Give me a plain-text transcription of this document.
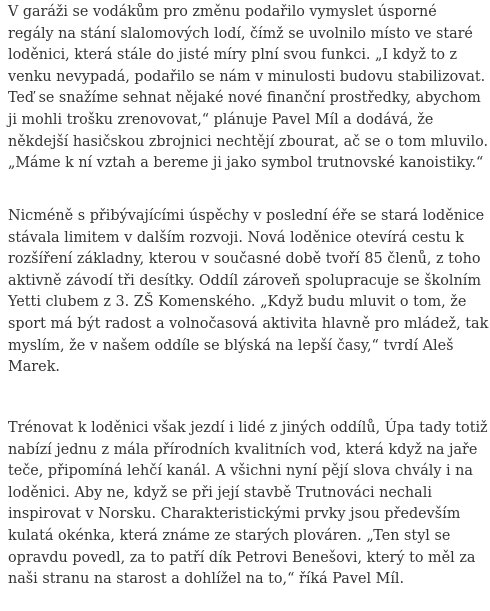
V garáži se vodákům pro změnu podařilo vymyslet úsporné
regály na stání slalomových lodí, čímž se uvolnilo místo ve staré
loděnici, která stále do jisté míry plní svou funkci. „I když to z
venku nevypadá, podařilo se nám v minulosti budovu stabilizovat.
Teď se snažíme sehnat nějaké nové finanční prostředky, abychom
ji mohli trošku zrenovovat,“ plánuje Pavel Míl a dodává, že
někdejší hasičskou zbrojnici nechtějí zbourat, ač se o tom mluvilo.
„Máme k ní vztah a bereme ji jako symbol trutnovské kanoistiky.“

Nicméně s přibývajícími úspěchy v poslední éře se stará loděnice
stávala limitem v dalším rozvoji. Nová loděnice otevírá cestu k
rozšíření základny, kterou v současné době tvoří 85 členů, z toho
aktivně závodí tři desítky. Oddíl zároveň spolupracuje se školním
Yetti clubem z 3. ZŠ Komenského. „Když budu mluvit o tom, že
sport má být radost a volnočasová aktivita hlavně pro mládež, tak
myslím, že v našem oddíle se blýská na lepší časy,“ tvrdí Aleš
Marek.

Trénovat k loděnici však jezdí i lidé z jiných oddílů, Úpa tady totiž
nabízí jednu z mála přírodních kvalitních vod, která když na jaře
teče, připomíná lehčí kanál. A všichni nyní pějí slova chvály i na
loděnici. Aby ne, když se při její stavbě Trutnováci nechali
inspirovat v Norsku. Charakteristickými prvky jsou především
kulatá okénka, která známe ze starých plováren. „Ten styl se
opravdu povedl, za to patří dík Petrovi Benešovi, který to měl za
naši stranu na starost a dohlížel na to,“ říká Pavel Míl.
